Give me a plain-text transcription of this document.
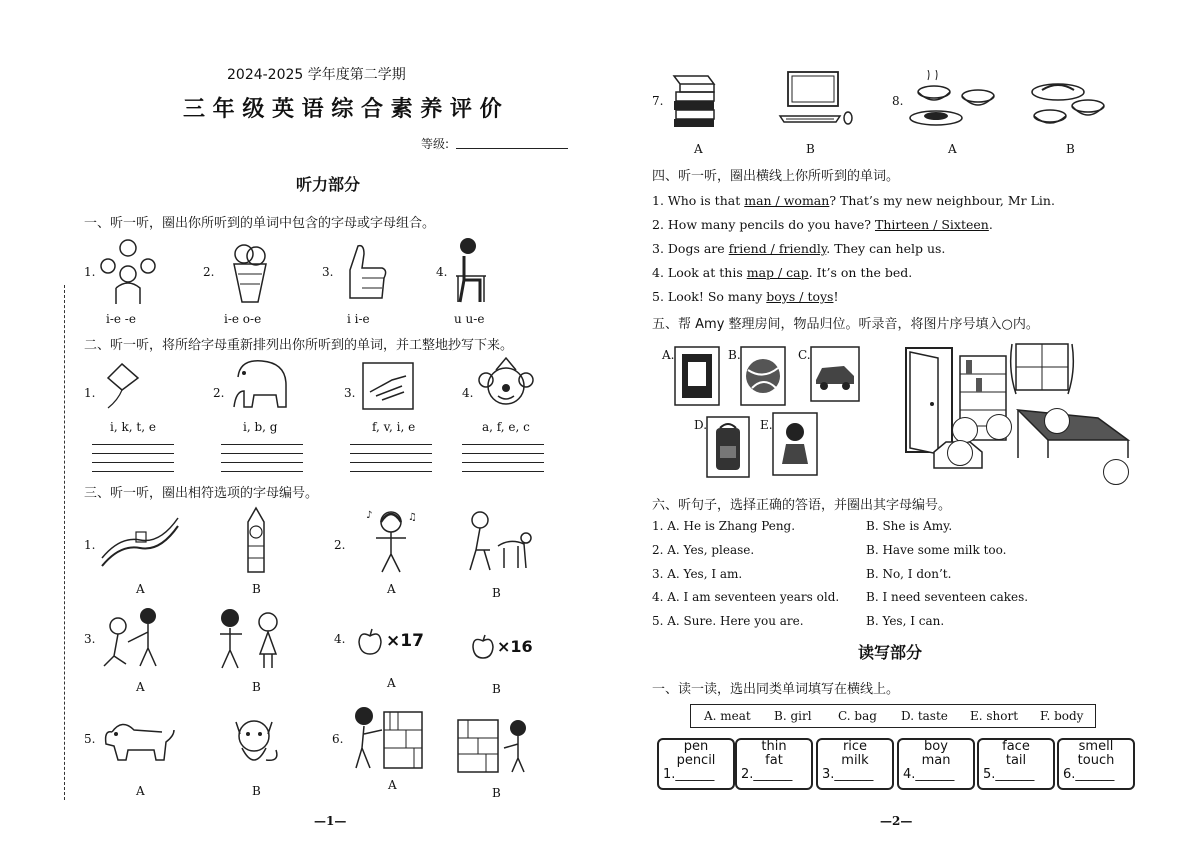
2024-2025 学年度第二学期
三 年 级 英 语 综 合 素 养 评 价
等级:
听力部分
一、听一听，圈出你所听到的单词中包含的字母或字母组合。
1.
i-e -e
2.
i-e o-e
3.
i i-e
4.
u u-e
二、听一听，将所给字母重新排列出你所听到的单词，并工整地抄写下来。
1.
i, k, t, e
2.
i, b, g
3.
f, v, i, e
4.
a, f, e, c
三、听一听，圈出相符选项的字母编号。
1.
A	B
2.
♪	♫
A	B
3.
A	B
4. ×17
A
×16
B
5.
A	B
6.
A
B
—1—
7.
A	B
8.
A	B
四、听一听，圈出横线上你所听到的单词。
1. Who is that man / woman? That’s my new neighbour, Mr Lin.
2. How many pencils do you have? Thirteen / Sixteen.
3. Dogs are friend / friendly. They can help us.
4. Look at this map / cap. It’s on the bed.
5. Look! So many boys / toys!
五、帮 Amy 整理房间，物品归位。听录音，将图片序号填入○内。
A.	B.	C.
D.	E.
六、听句子，选择正确的答语，并圈出其字母编号。
1. A. He is Zhang Peng.	B. She is Amy.
2. A. Yes, please.	B. Have some milk too.
3. A. Yes, I am.	B. No, I don’t.
4. A. I am seventeen years old. B. I need seventeen cakes.
5. A. Sure. Here you are.	B. Yes, I can.
读写部分
一、读一读，选出同类单词填写在横线上。
A. meat B. girl C. bag D. taste E. short F. body
pen
pencil
1.______
thin
fat
2.______
rice
milk
3.______
boy
man
4.______
face
tail
5.______
smell
touch
6.______
—2—
